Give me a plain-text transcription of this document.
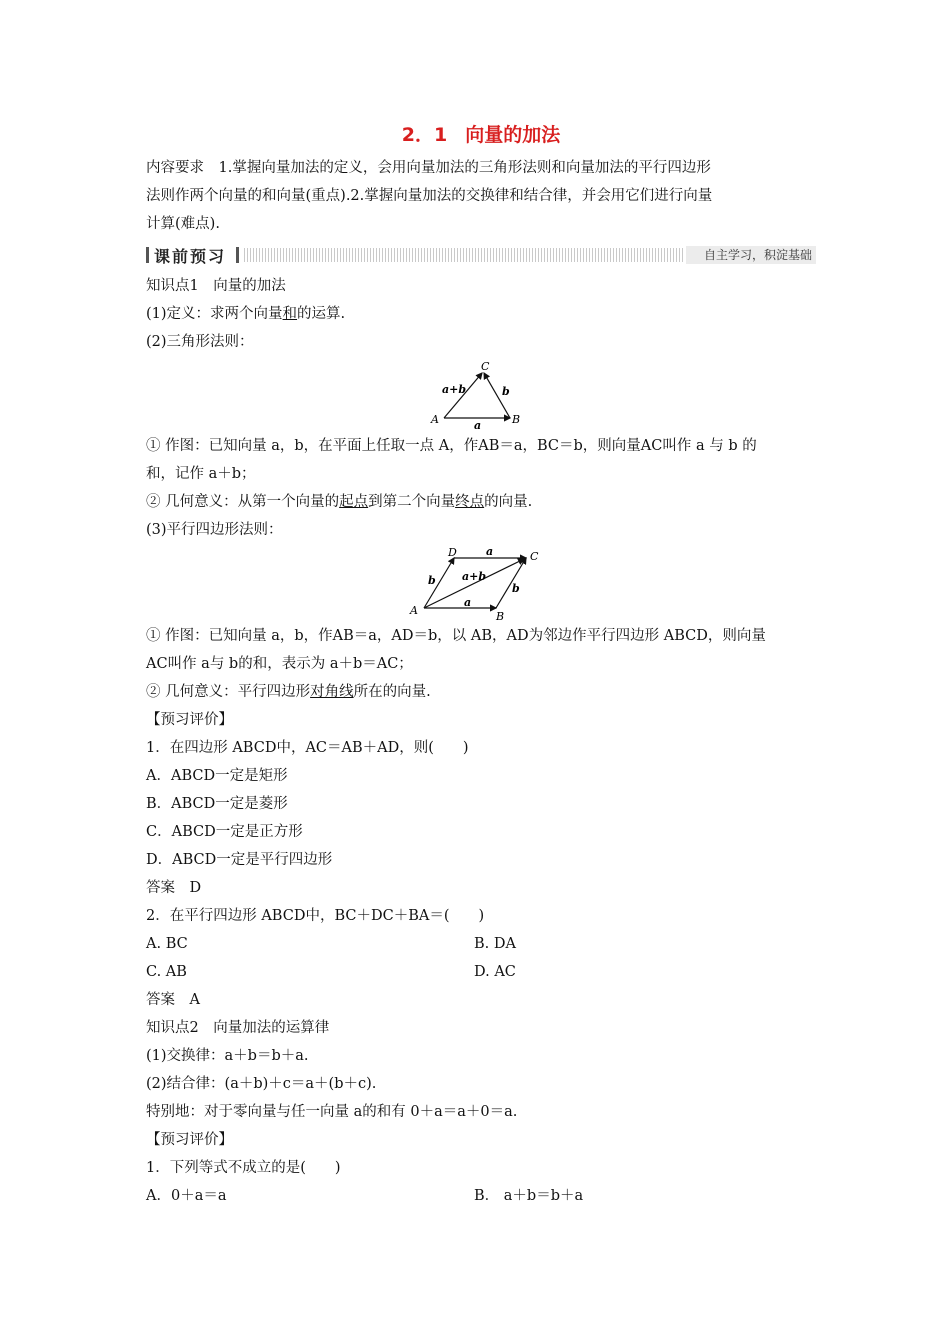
2．1 向量的加法
内容要求　1.掌握向量加法的定义，会用向量加法的三角形法则和向量加法的平行四边形
法则作两个向量的和向量(重点).2.掌握向量加法的交换律和结合律，并会用它们进行向量
计算(难点).
课前预习	自主学习，积淀基础
知识点1　向量的加法
(1)定义：求两个向量和的运算.
(2)三角形法则：
A	B
C
a
b
a+b
① 作图：已知向量 a，b，在平面上任取一点 A，作AB＝a，BC＝b，则向量AC叫作 a 与 b 的
和，记作 a＋b；
② 几何意义：从第一个向量的起点到第二个向量终点的向量.
(3)平行四边形法则：
A	B
C
D	a
a
b
b
a+b
① 作图：已知向量 a，b，作AB＝a，AD＝b，以 AB，AD为邻边作平行四边形 ABCD，则向量
AC叫作 a与 b的和，表示为 a＋b＝AC；
② 几何意义：平行四边形对角线所在的向量.
【预习评价】
1．在四边形 ABCD中，AC＝AB＋AD，则(　　)
A．ABCD一定是矩形
B．ABCD一定是菱形
C．ABCD一定是正方形
D．ABCD一定是平行四边形
答案　D
2．在平行四边形 ABCD中，BC＋DC＋BA＝(　　)
A. BC	B. DA
C. AB	D. AC
答案　A
知识点2　向量加法的运算律
(1)交换律：a＋b＝b＋a.
(2)结合律：(a＋b)＋c＝a＋(b＋c).
特别地：对于零向量与任一向量 a的和有 0＋a＝a＋0＝a.
【预习评价】
1．下列等式不成立的是(　　)
A．0＋a＝a	B． a＋b＝b＋a
